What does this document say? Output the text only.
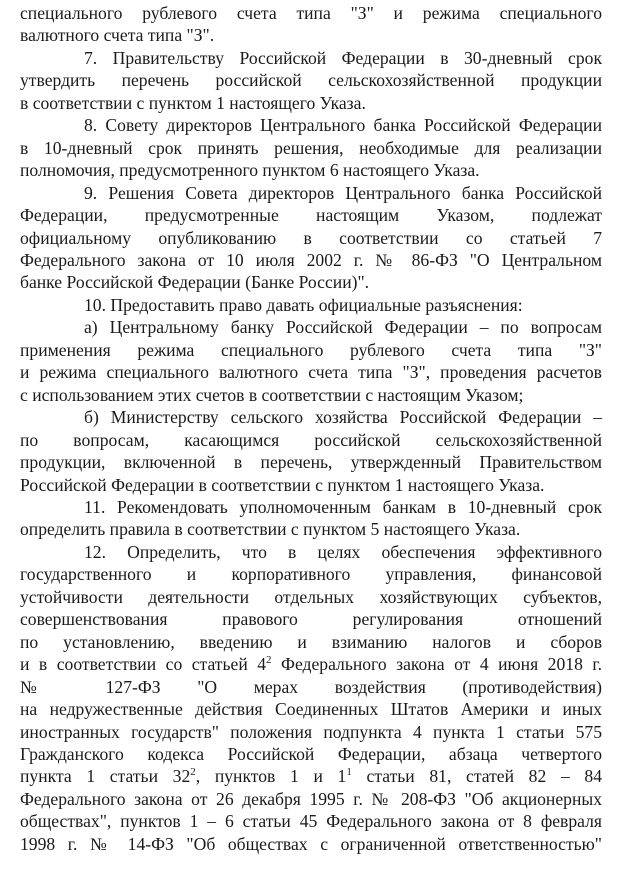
специального рублевого счета типа "З" и режима специального
валютного счета типа "З".
7. Правительству Российской Федерации в 30-дневный срок
утвердить перечень российской сельскохозяйственной продукции
в соответствии с пунктом 1 настоящего Указа.
8. Совету директоров Центрального банка Российской Федерации
в 10-дневный срок принять решения, необходимые для реализации
полномочия, предусмотренного пунктом 6 настоящего Указа.
9. Решения Совета директоров Центрального банка Российской
Федерации, предусмотренные настоящим Указом, подлежат
официальному опубликованию в соответствии со статьей 7
Федерального закона от 10 июля 2002 г. № 86-ФЗ "О Центральном
банке Российской Федерации (Банке России)".
10. Предоставить право давать официальные разъяснения:
а) Центральному банку Российской Федерации – по вопросам
применения режима специального рублевого счета типа "З"
и режима специального валютного счета типа "З", проведения расчетов
с использованием этих счетов в соответствии с настоящим Указом;
б) Министерству сельского хозяйства Российской Федерации –
по вопросам, касающимся российской сельскохозяйственной
продукции, включенной в перечень, утвержденный Правительством
Российской Федерации в соответствии с пунктом 1 настоящего Указа.
11. Рекомендовать уполномоченным банкам в 10-дневный срок
определить правила в соответствии с пунктом 5 настоящего Указа.
12. Определить, что в целях обеспечения эффективного
государственного и корпоративного управления, финансовой
устойчивости деятельности отдельных хозяйствующих субъектов,
совершенствования правового регулирования отношений
по установлению, введению и взиманию налогов и сборов
и в соответствии со статьей $4^2$ Федерального закона от 4 июня 2018 г.
№ 127-ФЗ "О мерах воздействия (противодействия)
на недружественные действия Соединенных Штатов Америки и иных
иностранных государств" положения подпункта 4 пункта 1 статьи 575
Гражданского кодекса Российской Федерации, абзаца четвертого
пункта 1 статьи $32^2$, пунктов 1 и $1^1$ статьи 81, статей 82 – 84
Федерального закона от 26 декабря 1995 г. № 208-ФЗ "Об акционерных
обществах", пунктов 1 – 6 статьи 45 Федерального закона от 8 февраля
1998 г. № 14-ФЗ "Об обществах с ограниченной ответственностью"
